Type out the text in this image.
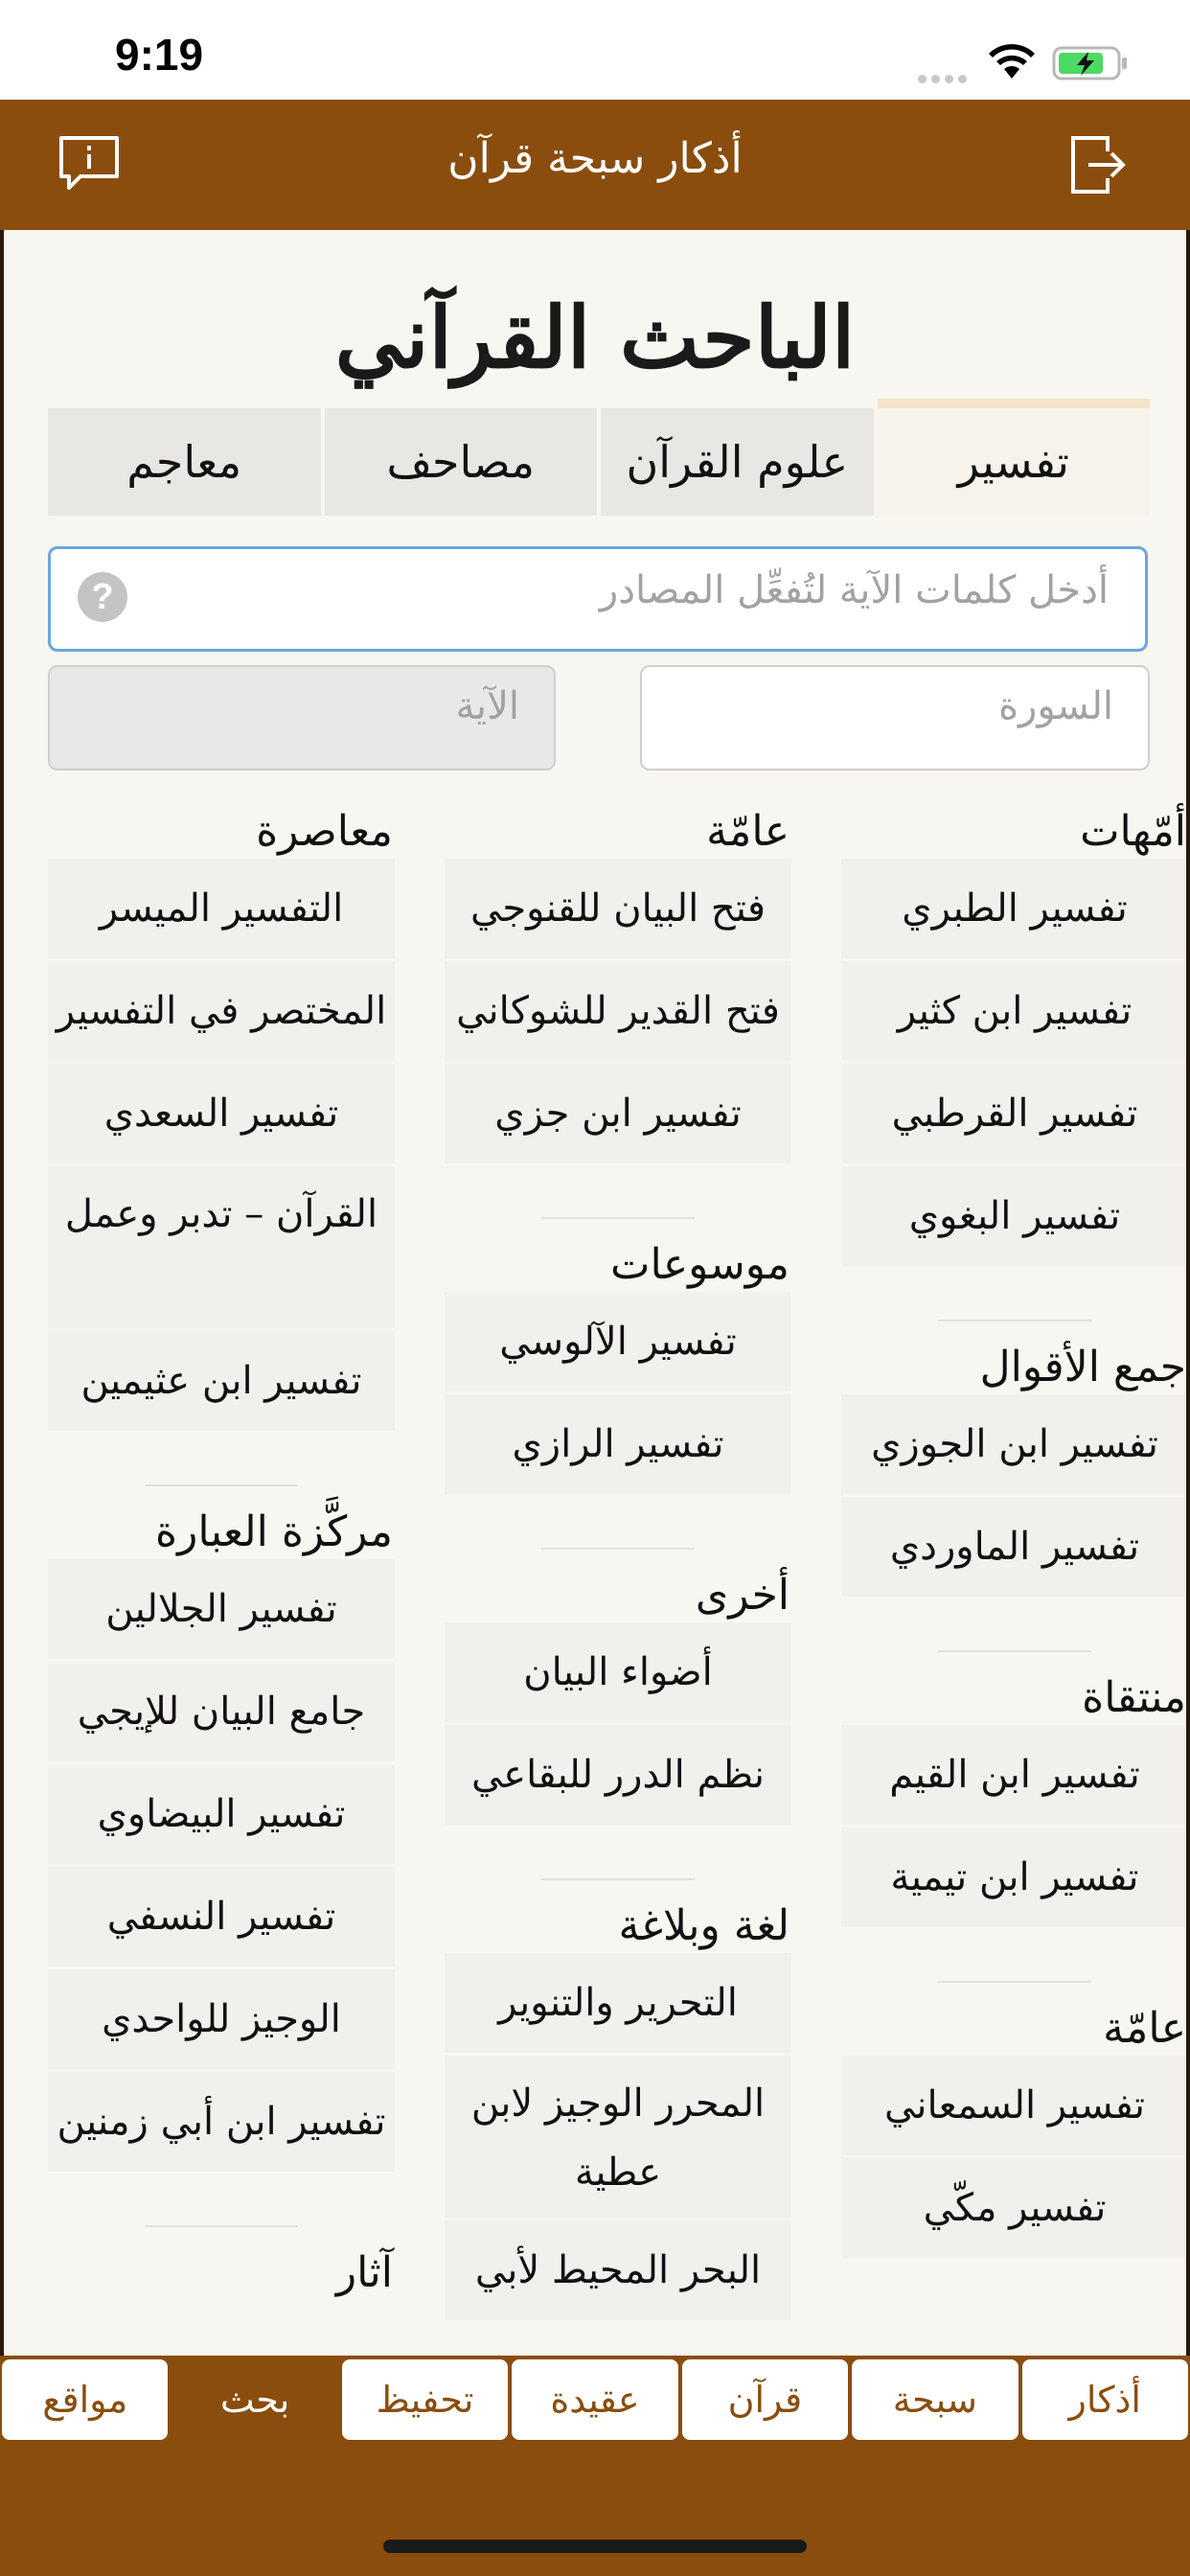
9:19
أذكار سبحة قرآن
الباحث القرآني
معاجم	مصاحف	علوم القرآن	تفسير
أدخل كلمات الآية لتُفعِّل المصادر
?
السورة
الآية
أمّهات
تفسير الطبري
تفسير ابن كثير
تفسير القرطبي
تفسير البغوي
جمع الأقوال
تفسير ابن الجوزي
تفسير الماوردي
منتقاة
تفسير ابن القيم
تفسير ابن تيمية
عامّة
تفسير السمعاني
تفسير مكّي
عامّة
فتح البيان للقنوجي
فتح القدير للشوكاني
تفسير ابن جزي
موسوعات
تفسير الآلوسي
تفسير الرازي
أخرى
أضواء البيان
نظم الدرر للبقاعي
لغة وبلاغة
التحرير والتنوير
المحرر الوجيز لابن عطية
البحر المحيط لأبي
معاصرة
التفسير الميسر
المختصر في التفسير
تفسير السعدي
القرآن – تدبر وعمل
تفسير ابن عثيمين
مركَّزة العبارة
تفسير الجلالين
جامع البيان للإيجي
تفسير البيضاوي
تفسير النسفي
الوجيز للواحدي
تفسير ابن أبي زمنين
آثار
مواقع	بحث	تحفيظ	عقيدة	قرآن	سبحة	أذكار
